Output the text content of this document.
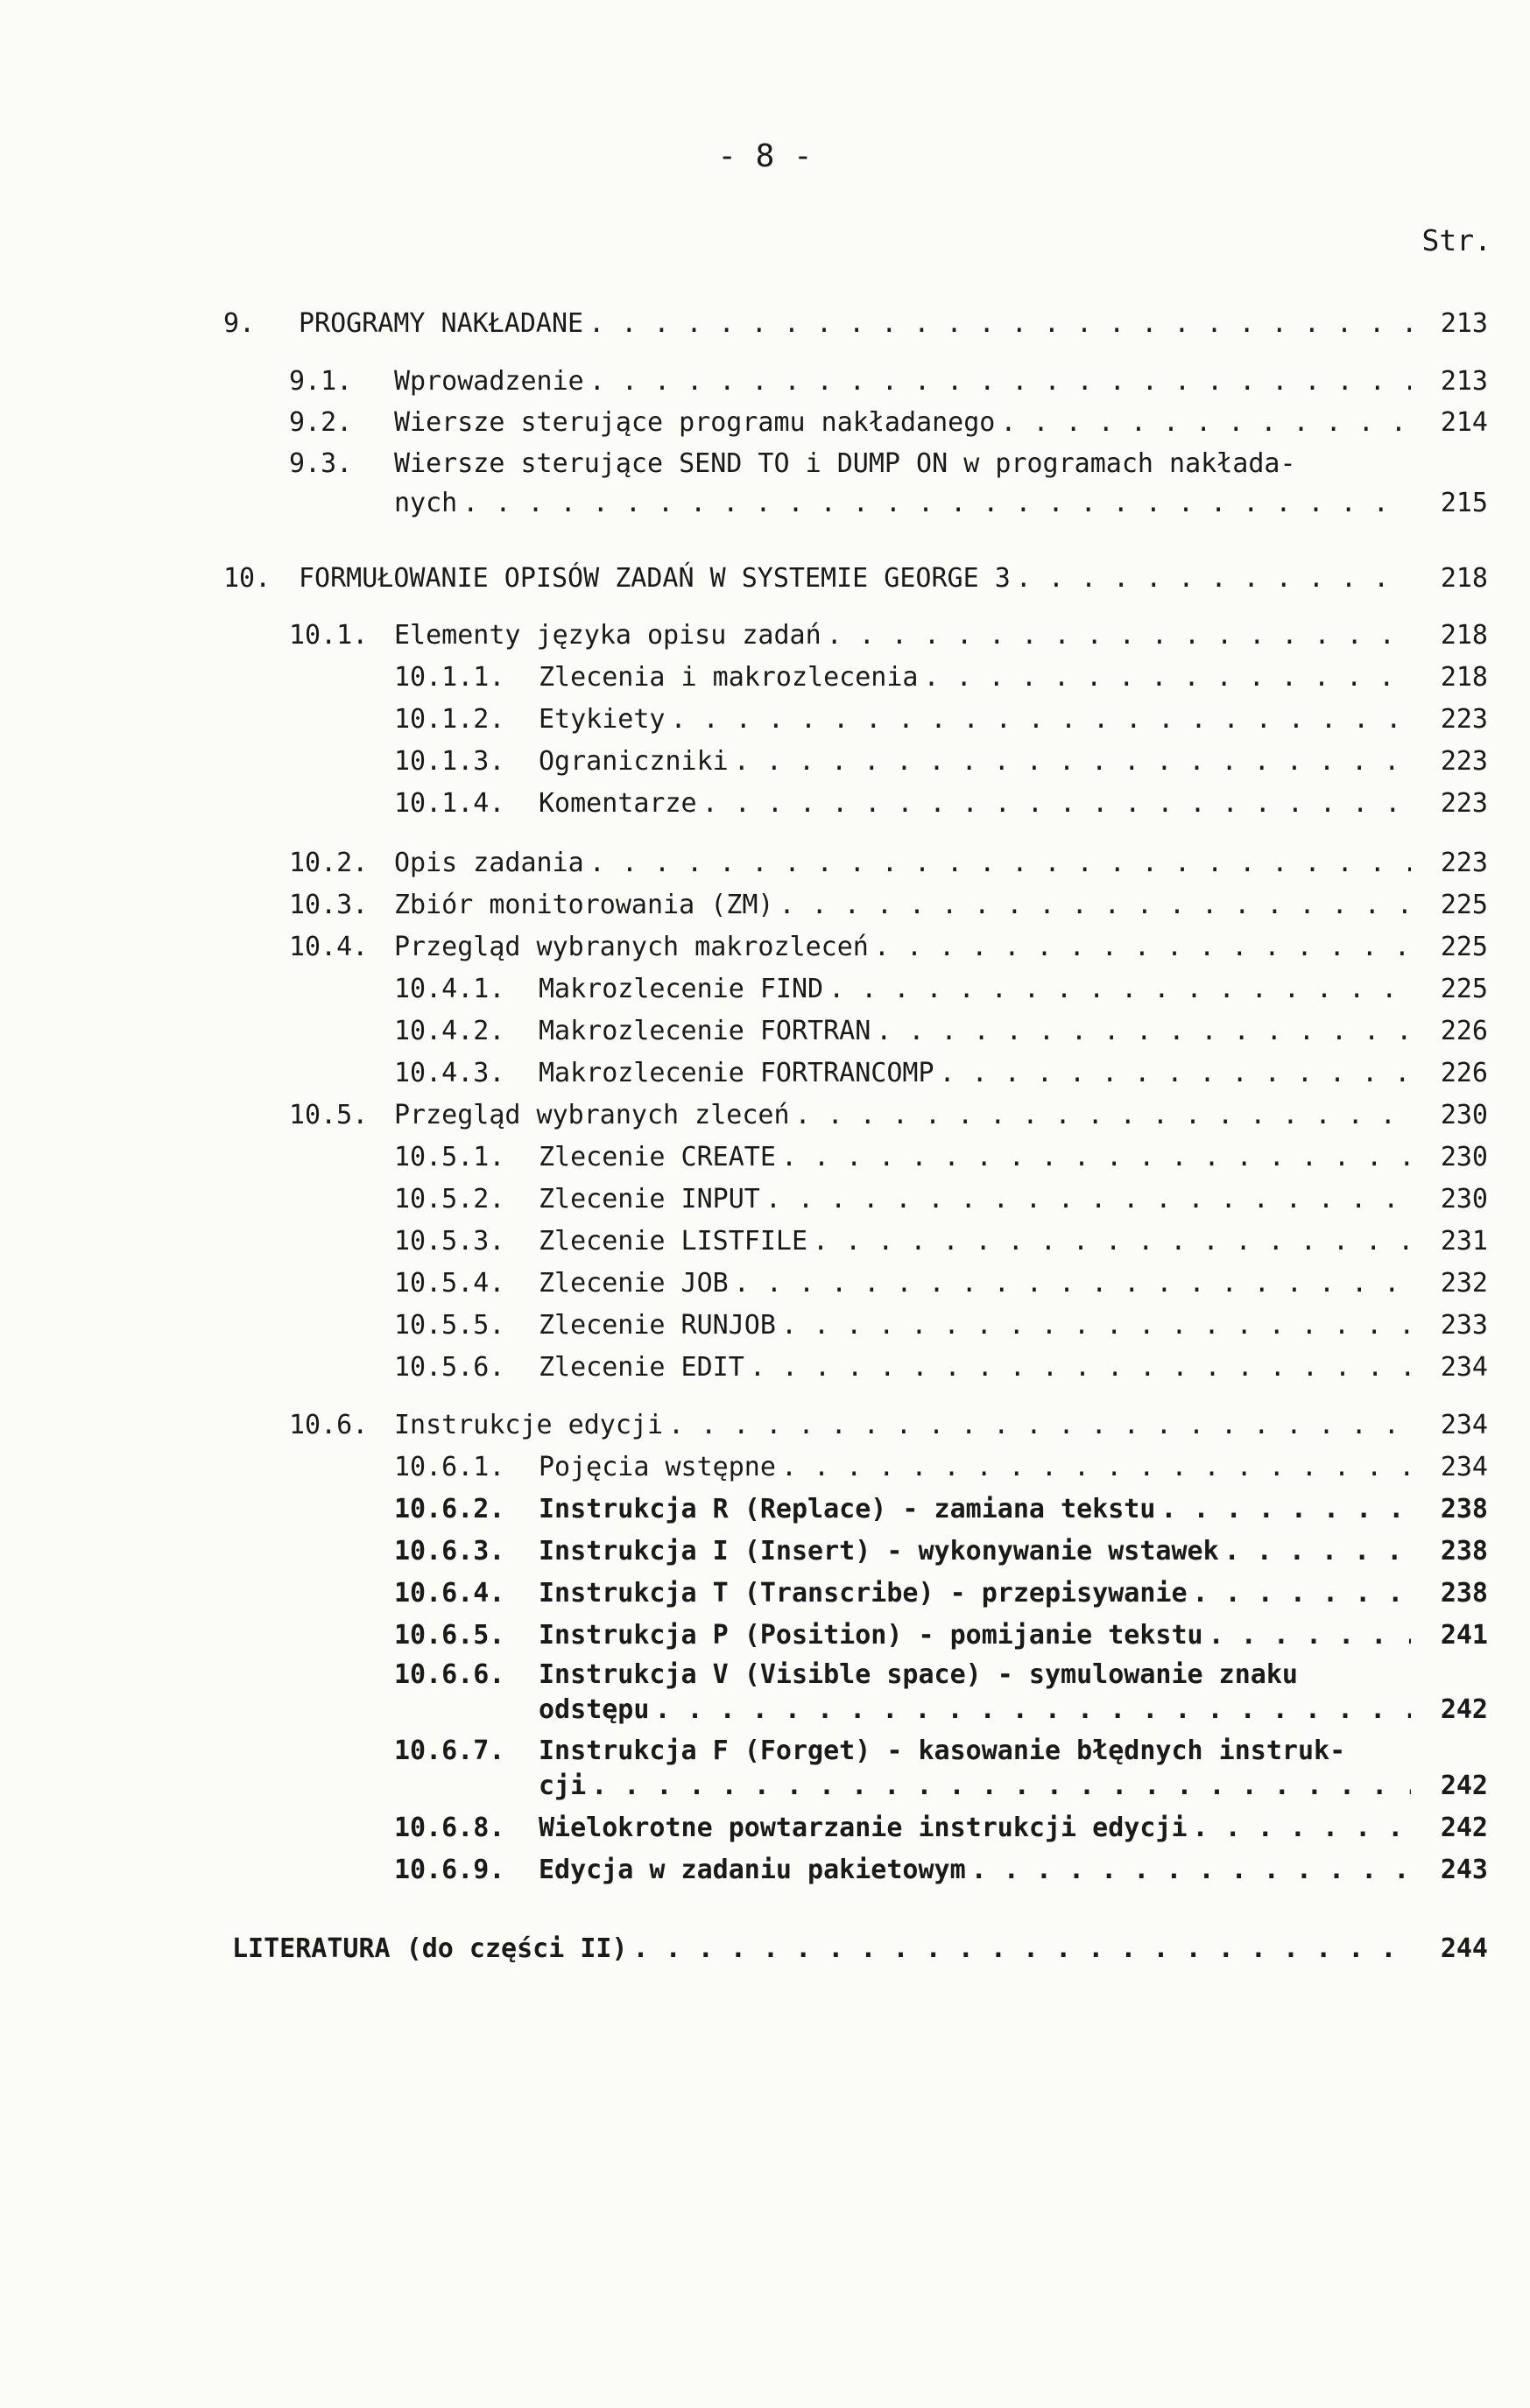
- 8 -
Str.
9.	PROGRAMY NAKŁADANE . . .	213
9.1.	Wprowadzenie . . .	213
9.2.	Wiersze sterujące programu nakładanego . . .	214
9.3. Wiersze sterujące SEND TO i DUMP ON w programach nakłada-
nych . . .	215
10.	FORMUŁOWANIE OPISÓW ZADAŃ W SYSTEMIE GEORGE 3 . . .	218
10.1. Elementy języka opisu zadań . . .	218
10.1.1.	Zlecenia i makrozlecenia . . .	218
10.1.2.	Etykiety . . .	223
10.1.3.	Ograniczniki . . .	223
10.1.4.	Komentarze . . .	223
10.2. Opis zadania . . .	223
10.3. Zbiór monitorowania (ZM) . . .	225
10.4. Przegląd wybranych makrozleceń . . .	225
10.4.1.	Makrozlecenie FIND . . .	225
10.4.2.	Makrozlecenie FORTRAN . . .	226
10.4.3.	Makrozlecenie FORTRANCOMP . . .	226
10.5. Przegląd wybranych zleceń . . .	230
10.5.1.	Zlecenie CREATE . . .	230
10.5.2.	Zlecenie INPUT . . .	230
10.5.3.	Zlecenie LISTFILE . . .	231
10.5.4.	Zlecenie JOB . . .	232
10.5.5.	Zlecenie RUNJOB . . .	233
10.5.6.	Zlecenie EDIT . . .	234
10.6. Instrukcje edycji . . .	234
10.6.1.	Pojęcia wstępne . . .	234
10.6.2.	Instrukcja R (Replace) - zamiana tekstu . . .	238
10.6.3.	Instrukcja I (Insert) - wykonywanie wstawek . . .	238
10.6.4.	Instrukcja T (Transcribe) - przepisywanie . . .	238
10.6.5.	Instrukcja P (Position) - pomijanie tekstu . . .	241
10.6.6. Instrukcja V (Visible space) - symulowanie znaku
odstępu . . .	242
10.6.7. Instrukcja F (Forget) - kasowanie błędnych instruk-
cji . . .	242
10.6.8.	Wielokrotne powtarzanie instrukcji edycji . . .	242
10.6.9.	Edycja w zadaniu pakietowym . . .	243
LITERATURA (do części II) . . .	244
